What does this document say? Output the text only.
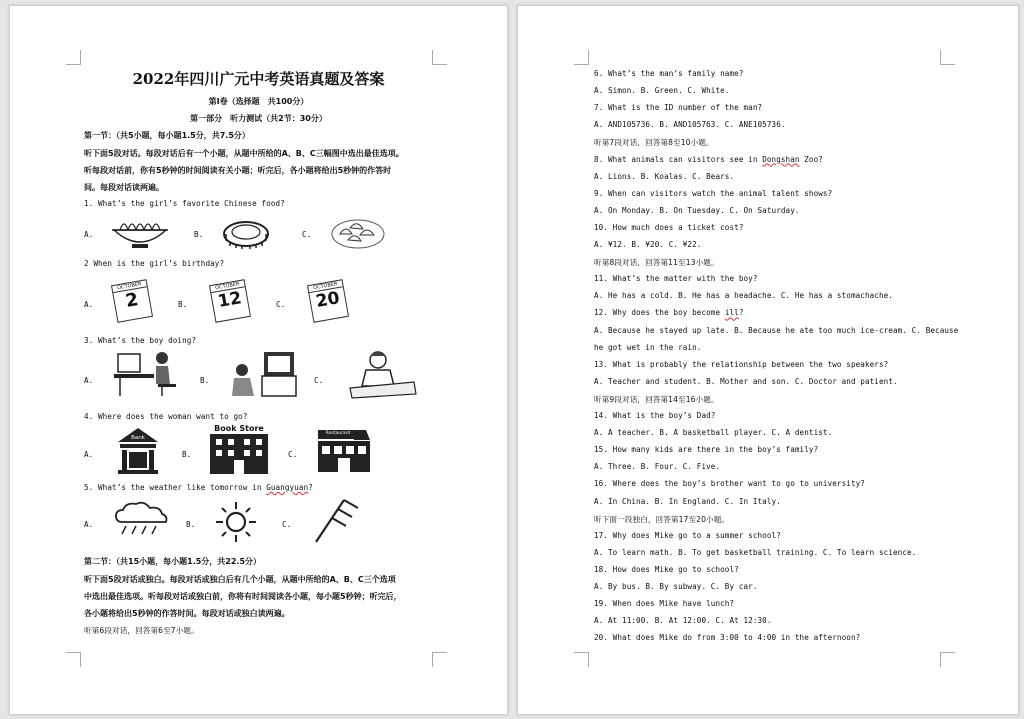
2022年四川广元中考英语真题及答案
第Ⅰ卷（选择题　共100分）
第一部分　听力测试（共2节：30分）
第一节：（共5小题，每小题1.5分，共7.5分）
听下面5段对话。每段对话后有一个小题，从题中所给的A、B、C三幅图中选出最佳选项。
听每段对话前，你有5秒钟的时间阅读有关小题；听完后，各小题将给出5秒钟的作答时
间。每段对话读两遍。
1. What’s the girl’s favorite Chinese food?
A.	B.	C.
2 When is the girl’s birthday?
A.
OCTOBER
2	B.
OCTOBER
12	C.
OCTOBER
20
3. What’s the boy doing?
A.	B.	C.
4. Where does the woman want to go?
A.
Bank
B.
Book Store
C.
Restaurant
5. What’s the weather like tomorrow in Guangyuan?
A.	B.	C.
第二节：（共15小题，每小题1.5分，共22.5分）
听下面5段对话或独白。每段对话或独白后有几个小题，从题中所给的A、B、C三个选项
中选出最佳选项。听每段对话或独白前，你将有时间阅读各小题，每小题5秒钟；听完后，
各小题将给出5秒钟的作答时间。每段对话或独白读两遍。
听第6段对话，回答第6至7小题。
6. What’s the man’s family name?
A. Simon. B. Green. C. White.
7. What is the ID number of the man?
A. AND105736. B. AND105763. C. ANE105736.
听第7段对话，回答第8至10小题。
8. What animals can visitors see in Dongshan Zoo?
A. Lions. B. Koalas. C. Bears.
9. When can visitors watch the animal talent shows?
A. On Monday. B. On Tuesday. C. On Saturday.
10. How much does a ticket cost?
A. ¥12. B. ¥20. C. ¥22.
听第8段对话，回答第11至13小题。
11. What’s the matter with the boy?
A. He has a cold. B. He has a headache. C. He has a stomachache.
12. Why does the boy become ill?
A. Because he stayed up late. B. Because he ate too much ice-cream. C. Because
he got wet in the rain.
13. What is probably the relationship between the two speakers?
A. Teacher and student. B. Mother and son. C. Doctor and patient.
听第9段对话，回答第14至16小题。
14. What is the boy’s Dad?
A. A teacher. B. A basketball player. C. A dentist.
15. How many kids are there in the boy’s family?
A. Three. B. Four. C. Five.
16. Where does the boy’s brother want to go to university?
A. In China. B. In England. C. In Italy.
听下面一段独白，回答第17至20小题。
17. Why does Mike go to a summer school?
A. To learn math. B. To get basketball training. C. To learn science.
18. How does Mike go to school?
A. By bus. B. By subway. C. By car.
19. When does Mike have lunch?
A. At 11:00. B. At 12:00. C. At 12:30.
20. What does Mike do from 3:00 to 4:00 in the afternoon?
